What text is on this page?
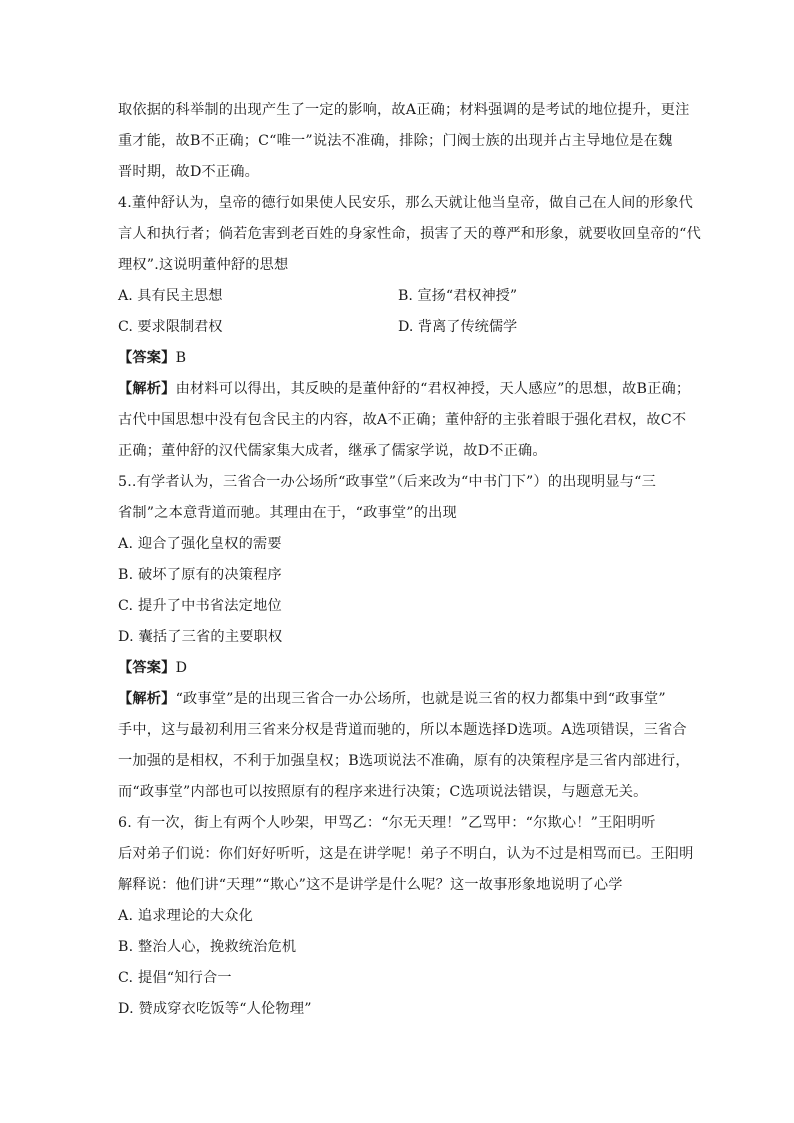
取依据的科举制的出现产生了一定的影响，故A正确；材料强调的是考试的地位提升，更注
重才能，故B不正确；C“唯一”说法不准确，排除；门阀士族的出现并占主导地位是在魏
晋时期，故D不正确。
4.董仲舒认为，皇帝的德行如果使人民安乐，那么天就让他当皇帝，做自己在人间的形象代
言人和执行者；倘若危害到老百姓的身家性命，损害了天的尊严和形象，就要收回皇帝的“代
理权”.这说明董仲舒的思想
A. 具有民主思想	B. 宣扬“君权神授”
C. 要求限制君权	D. 背离了传统儒学
【答案】B
【解析】由材料可以得出，其反映的是董仲舒的“君权神授，天人感应”的思想，故B正确；
古代中国思想中没有包含民主的内容，故A不正确；董仲舒的主张着眼于强化君权，故C不
正确；董仲舒的汉代儒家集大成者，继承了儒家学说，故D不正确。
5..有学者认为，三省合一办公场所“政事堂”（后来改为“中书门下”）的出现明显与“三
省制”之本意背道而驰。其理由在于，“政事堂”的出现
A. 迎合了强化皇权的需要
B. 破坏了原有的决策程序
C. 提升了中书省法定地位
D. 囊括了三省的主要职权
【答案】D
【解析】“政事堂”是的出现三省合一办公场所，也就是说三省的权力都集中到“政事堂”
手中，这与最初利用三省来分权是背道而驰的，所以本题选择D选项。A选项错误，三省合
一加强的是相权，不利于加强皇权；B选项说法不准确，原有的决策程序是三省内部进行，
而“政事堂”内部也可以按照原有的程序来进行决策；C选项说法错误，与题意无关。
6. 有一次，街上有两个人吵架，甲骂乙：“尔无天理！”乙骂甲：“尔欺心！”王阳明听
后对弟子们说：你们好好听听，这是在讲学呢！弟子不明白，认为不过是相骂而已。王阳明
解释说：他们讲“天理”“欺心”这不是讲学是什么呢？这一故事形象地说明了心学
A. 追求理论的大众化
B. 整治人心，挽救统治危机
C. 提倡“知行合一
D. 赞成穿衣吃饭等“人伦物理”
